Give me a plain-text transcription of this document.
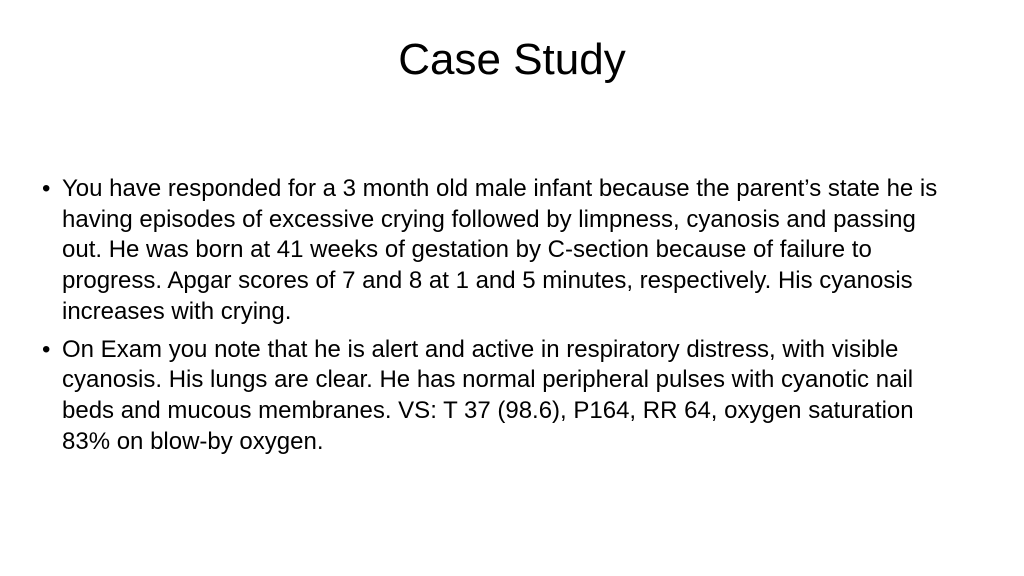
Case Study
• You have responded for a 3 month old male infant because the parent’s state he is having episodes of excessive crying followed by limpness, cyanosis and passing out. He was born at 41 weeks of gestation by C-section because of failure to progress. Apgar scores of 7 and 8 at 1 and 5 minutes, respectively. His cyanosis increases with crying.
• On Exam you note that he is alert and active in respiratory distress, with visible cyanosis. His lungs are clear. He has normal peripheral pulses with cyanotic nail beds and mucous membranes. VS: T 37 (98.6), P164, RR 64, oxygen saturation 83% on blow-by oxygen.
